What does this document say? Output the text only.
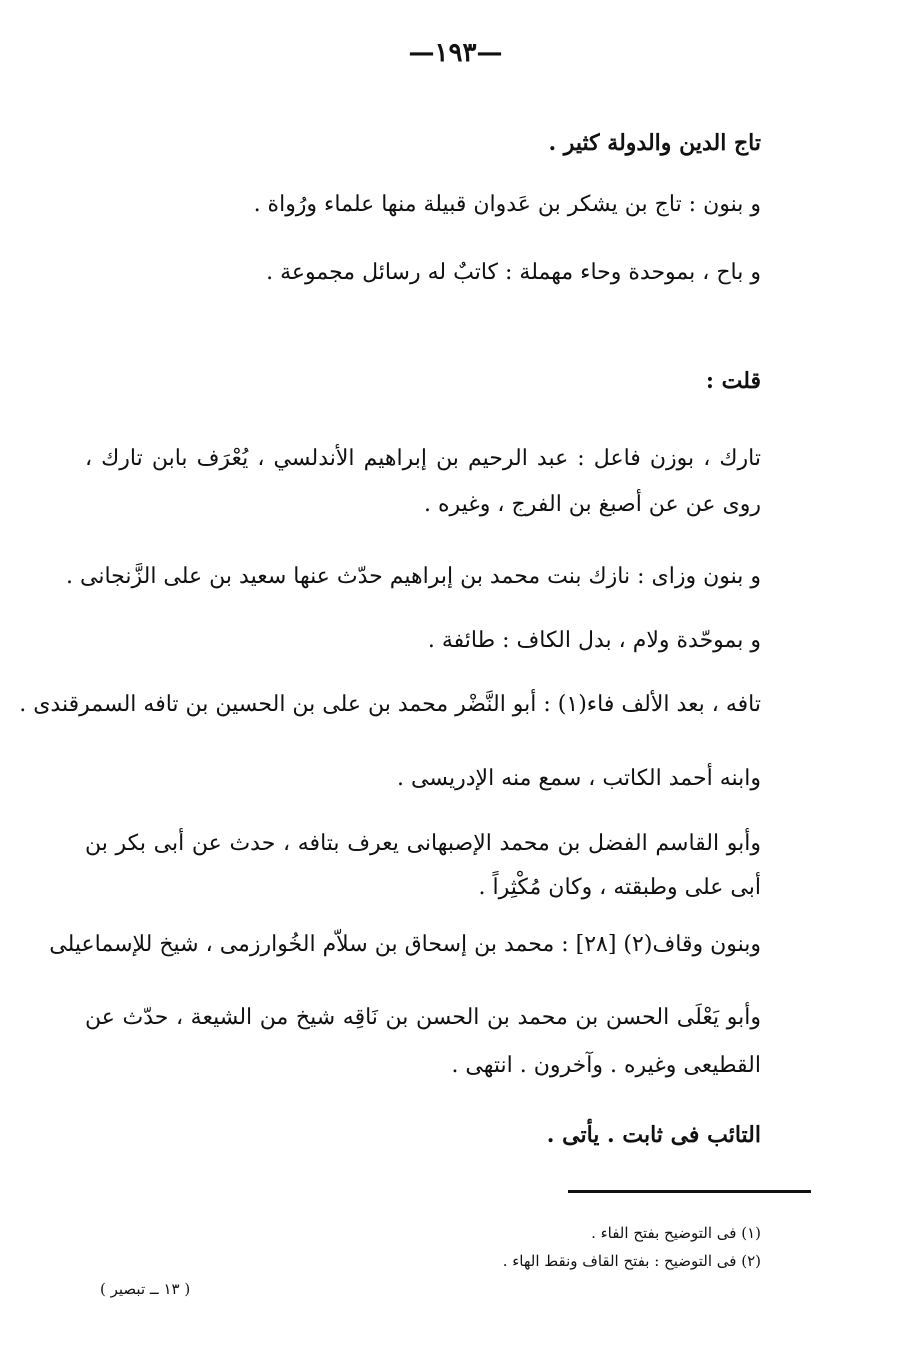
—١٩٣—
تاج الدين والدولة كثير .
و بنون : تاج بن يشكر بن عَدوان قبيلة منها علماء ورُواة .
و باح ، بموحدة وحاء مهملة : كاتبٌ له رسائل مجموعة .
قلت :
تارك ، بوزن فاعل : عبد الرحيم بن إبراهيم الأندلسي ، يُعْرَف بابن تارك ، روى عن عن أصبغ بن الفرج ، وغيره .
و بنون وزاى : نازك بنت محمد بن إبراهيم حدّث عنها سعيد بن على الزَّنجانى .
و بموحّدة ولام ، بدل الكاف : طائفة .
تافه ، بعد الألف فاء(١) : أبو النَّضْر محمد بن على بن الحسين بن تافه السمرقندى .
وابنه أحمد الكاتب ، سمع منه الإدريسى .
وأبو القاسم الفضل بن محمد الإصبهانى يعرف بتافه ، حدث عن أبى بكر بن أبى على وطبقته ، وكان مُكْثِراً .
وبنون وقاف(٢) [٢٨] : محمد بن إسحاق بن سلاّم الخُوارزمى ، شيخ للإسماعيلى
وأبو يَعْلَى الحسن بن محمد بن الحسن بن نَاقِه شيخ من الشيعة ، حدّث عن القطيعى وغيره . وآخرون . انتهى .
التائب فى ثابت . يأتى .
(١) فى التوضيح بفتح الفاء .
(٢) فى التوضيح : بفتح القاف ونقط الهاء .
( ١٣ ــ تبصير )
